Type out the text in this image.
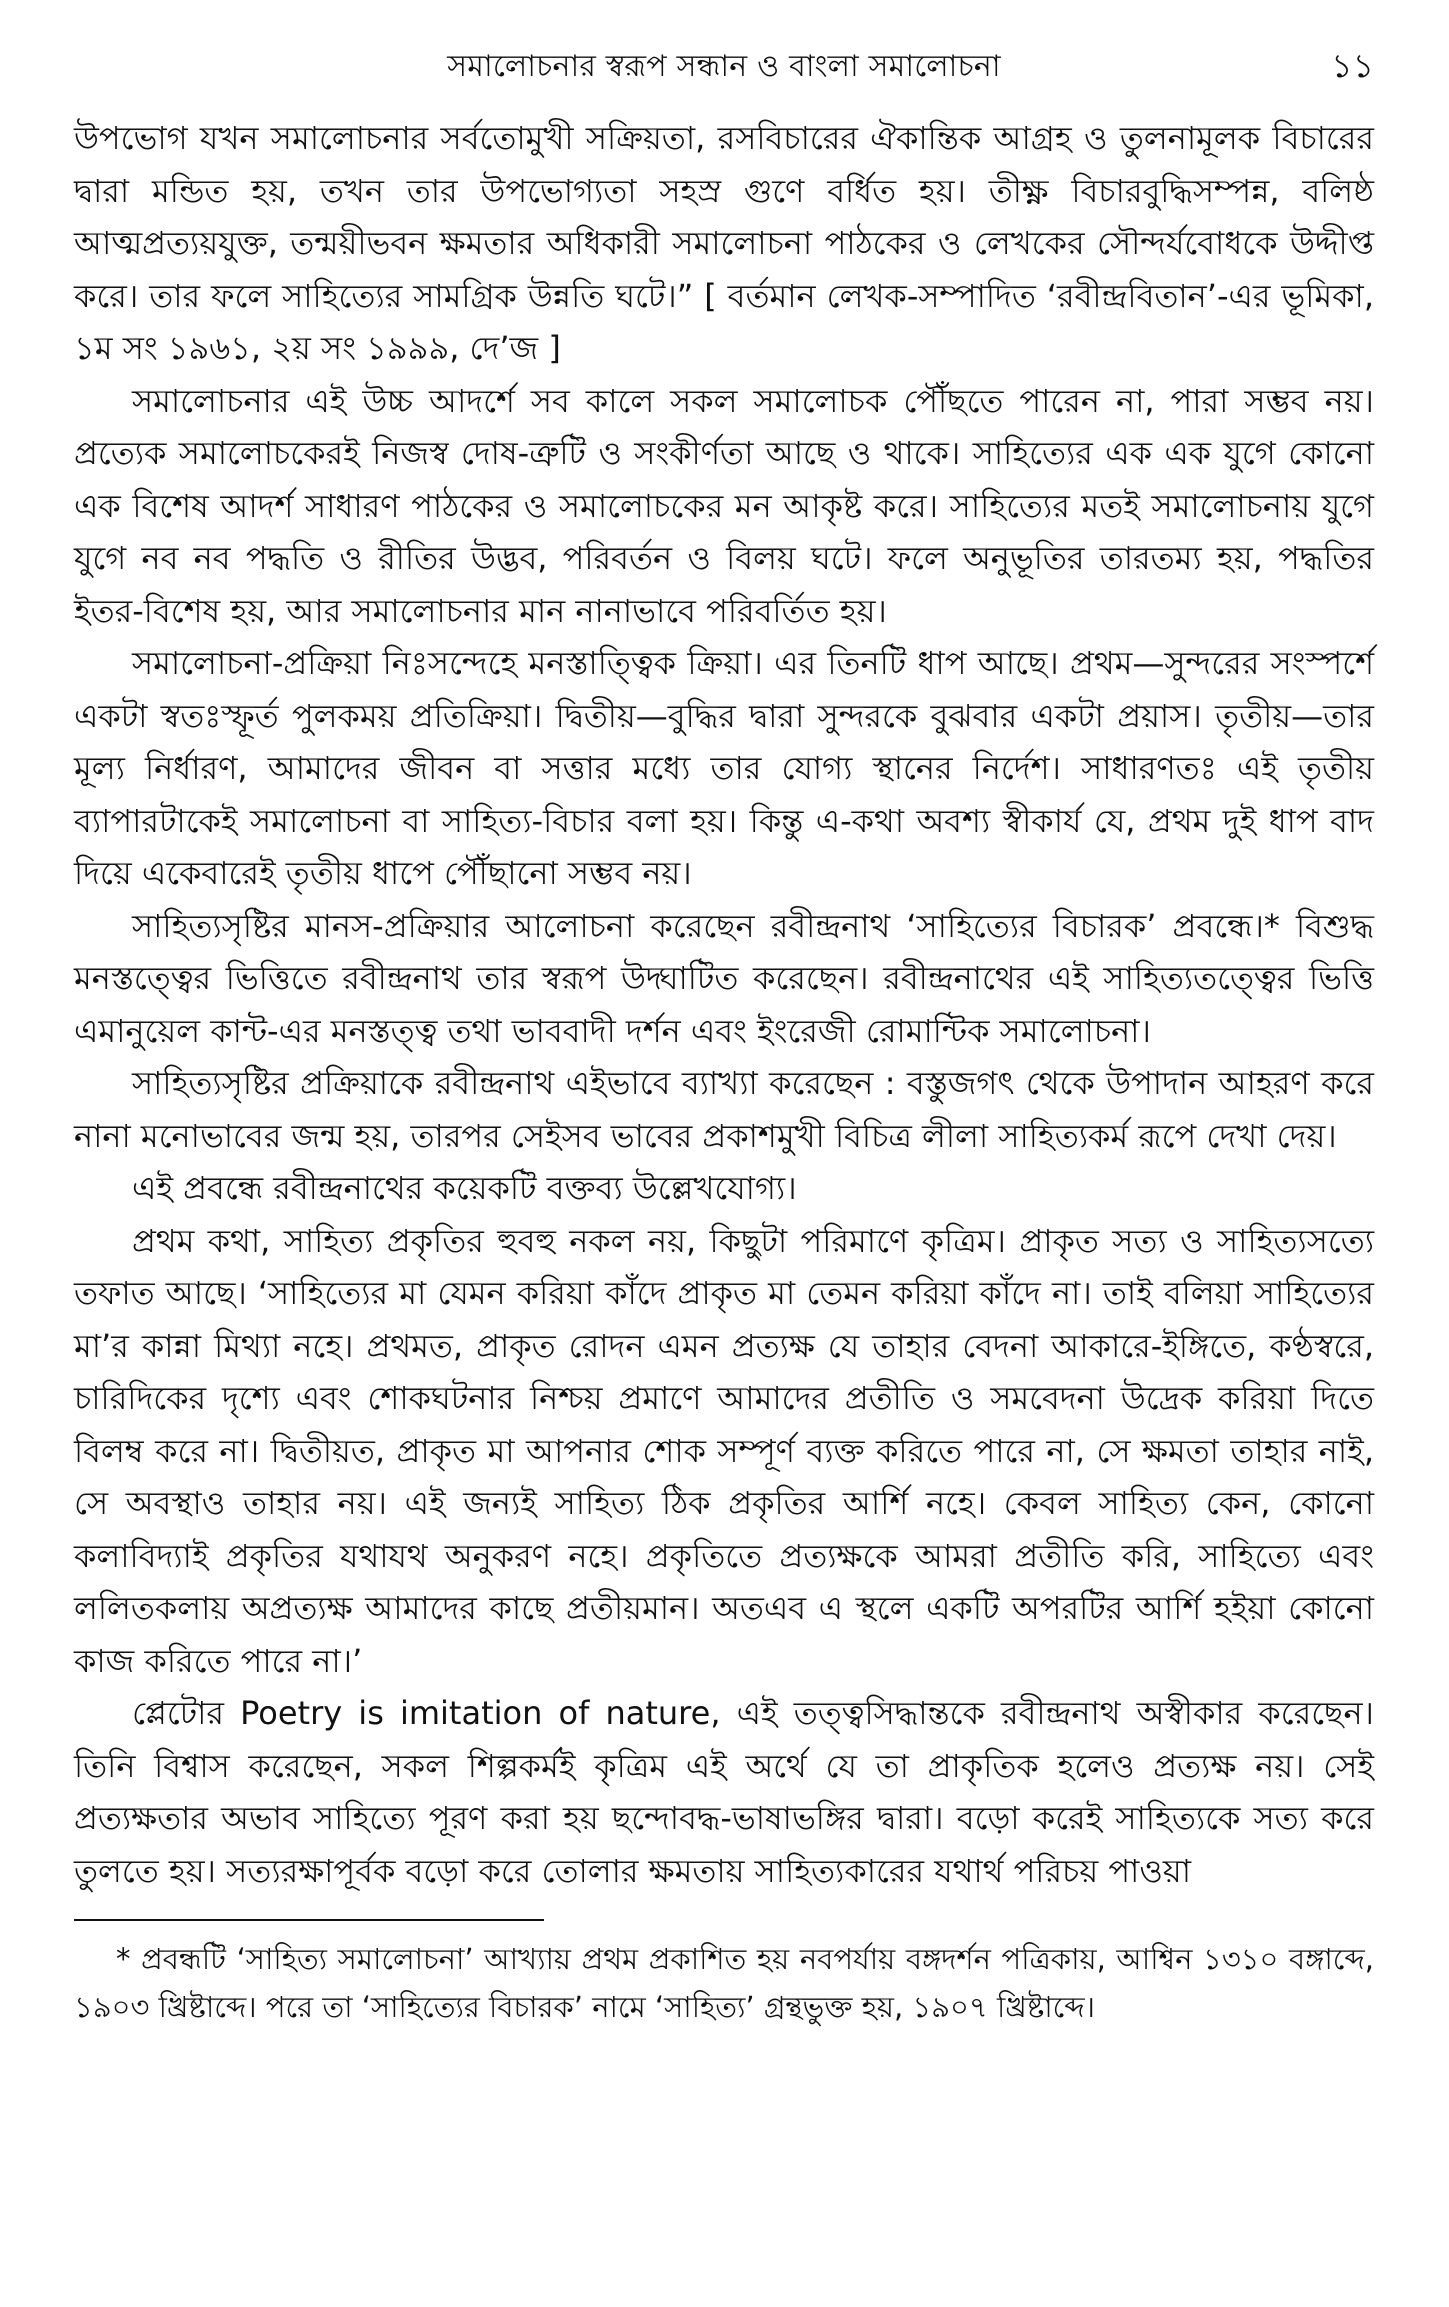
সমালোচনার স্বরূপ সন্ধান ও বাংলা সমালোচনা	১১

উপভোগ যখন সমালোচনার সর্বতোমুখী সক্রিয়তা, রসবিচারের ঐকান্তিক আগ্রহ ও তুলনামূলক বিচারের দ্বারা মন্ডিত হয়, তখন তার উপভোগ্যতা সহস্র গুণে বর্ধিত হয়। তীক্ষ্ণ বিচারবুদ্ধিসম্পন্ন, বলিষ্ঠ আত্মপ্রত্যয়যুক্ত, তন্ময়ীভবন ক্ষমতার অধিকারী সমালোচনা পাঠকের ও লেখকের সৌন্দর্যবোধকে উদ্দীপ্ত করে। তার ফলে সাহিত্যের সামগ্রিক উন্নতি ঘটে।” [ বর্তমান লেখক-সম্পাদিত ‘রবীন্দ্রবিতান’-এর ভূমিকা, ১ম সং ১৯৬১, ২য় সং ১৯৯৯, দে’জ ]

সমালোচনার এই উচ্চ আদর্শে সব কালে সকল সমালোচক পৌঁছতে পারেন না, পারা সম্ভব নয়। প্রত্যেক সমালোচকেরই নিজস্ব দোষ-ত্রুটি ও সংকীর্ণতা আছে ও থাকে। সাহিত্যের এক এক যুগে কোনো এক বিশেষ আদর্শ সাধারণ পাঠকের ও সমালোচকের মন আকৃষ্ট করে। সাহিত্যের মতই সমালোচনায় যুগে যুগে নব নব পদ্ধতি ও রীতির উদ্ভব, পরিবর্তন ও বিলয় ঘটে। ফলে অনুভূতির তারতম্য হয়, পদ্ধতির ইতর-বিশেষ হয়, আর সমালোচনার মান নানাভাবে পরিবর্তিত হয়।

সমালোচনা-প্রক্রিয়া নিঃসন্দেহে মনস্তাত্ত্বিক ক্রিয়া। এর তিনটি ধাপ আছে। প্রথম—সুন্দরের সংস্পর্শে একটা স্বতঃস্ফূর্ত পুলকময় প্রতিক্রিয়া। দ্বিতীয়—বুদ্ধির দ্বারা সুন্দরকে বুঝবার একটা প্রয়াস। তৃতীয়—তার মূল্য নির্ধারণ, আমাদের জীবন বা সত্তার মধ্যে তার যোগ্য স্থানের নির্দেশ। সাধারণতঃ এই তৃতীয় ব্যাপারটাকেই সমালোচনা বা সাহিত্য-বিচার বলা হয়। কিন্তু এ-কথা অবশ্য স্বীকার্য যে, প্রথম দুই ধাপ বাদ দিয়ে একেবারেই তৃতীয় ধাপে পৌঁছানো সম্ভব নয়।

সাহিত্যসৃষ্টির মানস-প্রক্রিয়ার আলোচনা করেছেন রবীন্দ্রনাথ ‘সাহিত্যের বিচারক’ প্রবন্ধে।* বিশুদ্ধ মনস্তত্ত্বের ভিত্তিতে রবীন্দ্রনাথ তার স্বরূপ উদ্ঘাটিত করেছেন। রবীন্দ্রনাথের এই সাহিত্যতত্ত্বের ভিত্তি এমানুয়েল কান্ট-এর মনস্তত্ত্ব তথা ভাববাদী দর্শন এবং ইংরেজী রোমান্টিক সমালোচনা।

সাহিত্যসৃষ্টির প্রক্রিয়াকে রবীন্দ্রনাথ এইভাবে ব্যাখ্যা করেছেন : বস্তুজগৎ থেকে উপাদান আহরণ করে নানা মনোভাবের জন্ম হয়, তারপর সেইসব ভাবের প্রকাশমুখী বিচিত্র লীলা সাহিত্যকর্ম রূপে দেখা দেয়।

এই প্রবন্ধে রবীন্দ্রনাথের কয়েকটি বক্তব্য উল্লেখযোগ্য।

প্রথম কথা, সাহিত্য প্রকৃতির হুবহু নকল নয়, কিছুটা পরিমাণে কৃত্রিম। প্রাকৃত সত্য ও সাহিত্যসত্যে তফাত আছে। ‘সাহিত্যের মা যেমন করিয়া কাঁদে প্রাকৃত মা তেমন করিয়া কাঁদে না। তাই বলিয়া সাহিত্যের মা’র কান্না মিথ্যা নহে। প্রথমত, প্রাকৃত রোদন এমন প্রত্যক্ষ যে তাহার বেদনা আকারে-ইঙ্গিতে, কণ্ঠস্বরে, চারিদিকের দৃশ্যে এবং শোকঘটনার নিশ্চয় প্রমাণে আমাদের প্রতীতি ও সমবেদনা উদ্রেক করিয়া দিতে বিলম্ব করে না। দ্বিতীয়ত, প্রাকৃত মা আপনার শোক সম্পূর্ণ ব্যক্ত করিতে পারে না, সে ক্ষমতা তাহার নাই, সে অবস্থাও তাহার নয়। এই জন্যই সাহিত্য ঠিক প্রকৃতির আর্শি নহে। কেবল সাহিত্য কেন, কোনো কলাবিদ্যাই প্রকৃতির যথাযথ অনুকরণ নহে। প্রকৃতিতে প্রত্যক্ষকে আমরা প্রতীতি করি, সাহিত্যে এবং ললিতকলায় অপ্রত্যক্ষ আমাদের কাছে প্রতীয়মান। অতএব এ স্থলে একটি অপরটির আর্শি হইয়া কোনো কাজ করিতে পারে না।’

প্লেটোর Poetry is imitation of nature, এই তত্ত্বসিদ্ধান্তকে রবীন্দ্রনাথ অস্বীকার করেছেন। তিনি বিশ্বাস করেছেন, সকল শিল্পকর্মই কৃত্রিম এই অর্থে যে তা প্রাকৃতিক হলেও প্রত্যক্ষ নয়। সেই প্রত্যক্ষতার অভাব সাহিত্যে পূরণ করা হয় ছন্দোবদ্ধ-ভাষাভঙ্গির দ্বারা। বড়ো করেই সাহিত্যকে সত্য করে তুলতে হয়। সত্যরক্ষাপূর্বক বড়ো করে তোলার ক্ষমতায় সাহিত্যকারের যথার্থ পরিচয় পাওয়া

* প্রবন্ধটি ‘সাহিত্য সমালোচনা’ আখ্যায় প্রথম প্রকাশিত হয় নবপর্যায় বঙ্গদর্শন পত্রিকায়, আশ্বিন ১৩১০ বঙ্গাব্দে, ১৯০৩ খ্রিষ্টাব্দে। পরে তা ‘সাহিত্যের বিচারক’ নামে ‘সাহিত্য’ গ্রন্থভুক্ত হয়, ১৯০৭ খ্রিষ্টাব্দে।
